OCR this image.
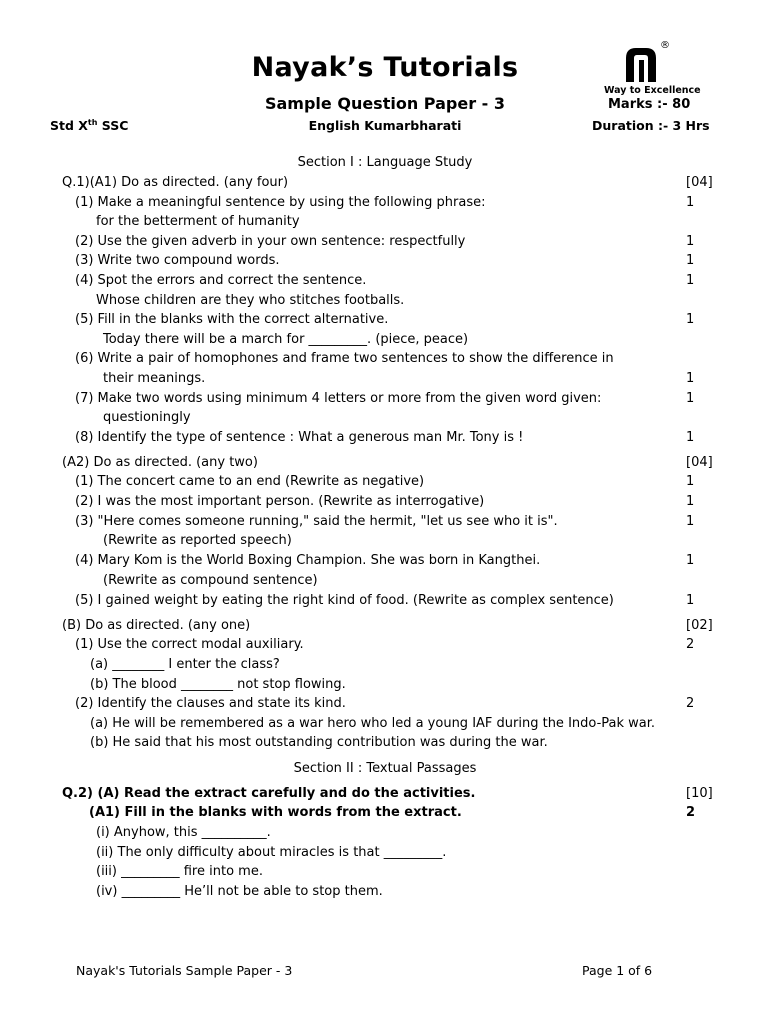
Nayak’s Tutorials
Sample Question Paper - 3
Std Xth SSC	English Kumarbharati	Duration :- 3 Hrs
®
Way to Excellence
Marks :- 80
Section I : Language Study
Q.1)(A1) Do as directed. (any four)	[04]
(1) Make a meaningful sentence by using the following phrase:	1
for the betterment of humanity
(2) Use the given adverb in your own sentence: respectfully	1
(3) Write two compound words.	1
(4) Spot the errors and correct the sentence.	1
Whose children are they who stitches footballs.
(5) Fill in the blanks with the correct alternative.	1
Today there will be a march for _________. (piece, peace)
(6) Write a pair of homophones and frame two sentences to show the difference in
their meanings.	1
(7) Make two words using minimum 4 letters or more from the given word given:	1
questioningly
(8) Identify the type of sentence : What a generous man Mr. Tony is !	1
(A2) Do as directed. (any two)	[04]
(1) The concert came to an end (Rewrite as negative)	1
(2) I was the most important person. (Rewrite as interrogative)	1
(3) "Here comes someone running," said the hermit, "let us see who it is".	1
(Rewrite as reported speech)
(4) Mary Kom is the World Boxing Champion. She was born in Kangthei.	1
(Rewrite as compound sentence)
(5) I gained weight by eating the right kind of food. (Rewrite as complex sentence)	1
(B) Do as directed. (any one)	[02]
(1) Use the correct modal auxiliary.	2
(a) ________ I enter the class?
(b) The blood ________ not stop flowing.
(2) Identify the clauses and state its kind.	2
(a) He will be remembered as a war hero who led a young IAF during the Indo-Pak war.
(b) He said that his most outstanding contribution was during the war.
Section II : Textual Passages
Q.2) (A) Read the extract carefully and do the activities.	[10]
(A1) Fill in the blanks with words from the extract.	2
(i) Anyhow, this __________.
(ii) The only difficulty about miracles is that _________.
(iii) _________ fire into me.
(iv) _________ He’ll not be able to stop them.
Nayak's Tutorials Sample Paper - 3	Page 1 of 6
